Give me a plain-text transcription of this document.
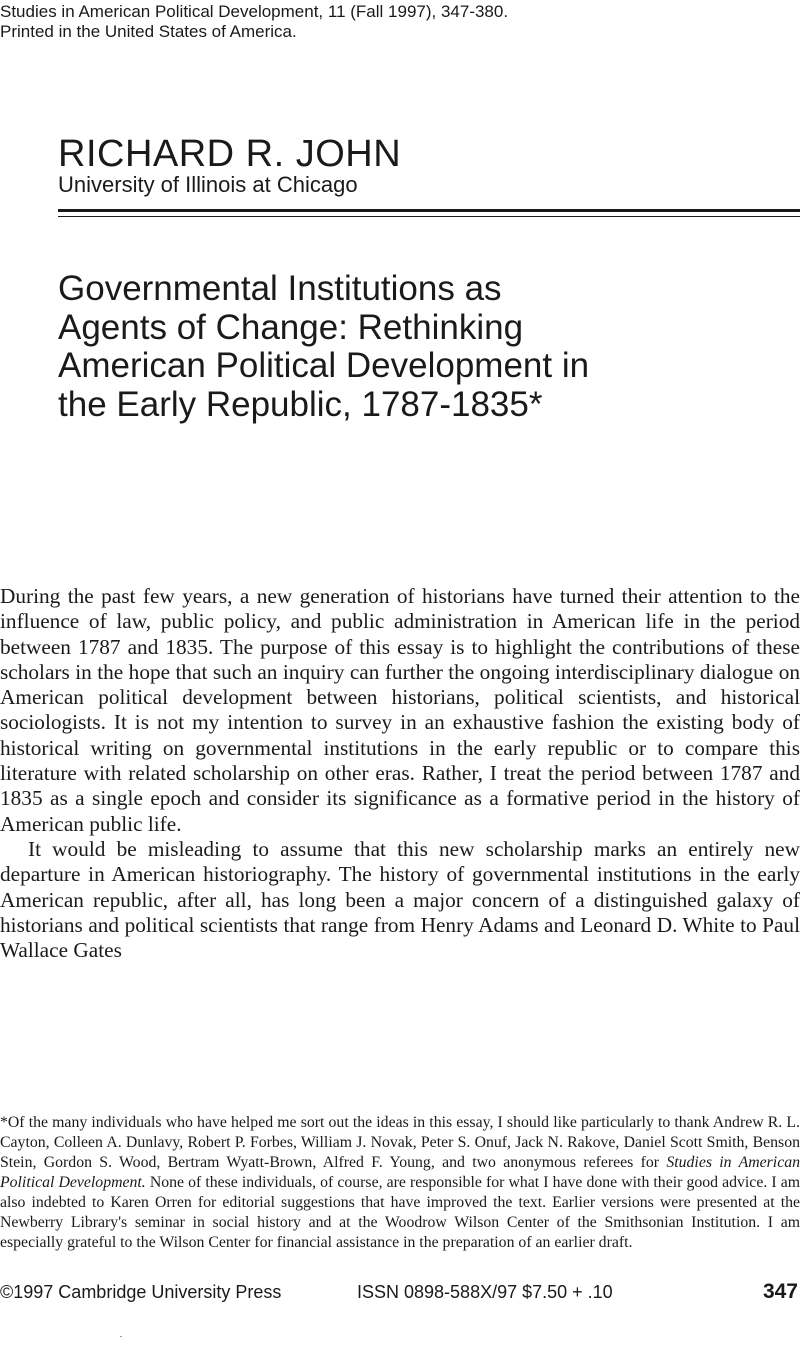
Studies in American Political Development, 11 (Fall 1997), 347-380.
Printed in the United States of America.
RICHARD R. JOHN
University of Illinois at Chicago
Governmental Institutions as
Agents of Change: Rethinking
American Political Development in
the Early Republic, 1787-1835*

During the past few years, a new generation of historians have turned their attention to the influence of law, public policy, and public administration in American life in the period between 1787 and 1835. The purpose of this essay is to highlight the contributions of these scholars in the hope that such an inquiry can further the ongoing interdisciplinary dialogue on American political development between historians, political scientists, and historical sociologists. It is not my intention to survey in an exhaustive fashion the existing body of historical writing on governmental institutions in the early republic or to compare this literature with related scholarship on other eras. Rather, I treat the period between 1787 and 1835 as a single epoch and consider its significance as a formative period in the history of American public life.

It would be misleading to assume that this new scholarship marks an entirely new departure in American historiography. The history of governmental institutions in the early American republic, after all, has long been a major concern of a distinguished galaxy of historians and political scientists that range from Henry Adams and Leonard D. White to Paul Wallace Gates

*Of the many individuals who have helped me sort out the ideas in this essay, I should like particularly to thank Andrew R. L. Cayton, Colleen A. Dunlavy, Robert P. Forbes, William J. Novak, Peter S. Onuf, Jack N. Rakove, Daniel Scott Smith, Benson Stein, Gordon S. Wood, Bertram Wyatt-Brown, Alfred F. Young, and two anonymous referees for Studies in American Political Development. None of these individuals, of course, are responsible for what I have done with their good advice. I am also indebted to Karen Orren for editorial suggestions that have improved the text. Earlier versions were presented at the Newberry Library's seminar in social history and at the Woodrow Wilson Center of the Smithsonian Institution. I am especially grateful to the Wilson Center for financial assistance in the preparation of an earlier draft.

©1997 Cambridge University Press	ISSN 0898-588X/97 $7.50 + .10	347
